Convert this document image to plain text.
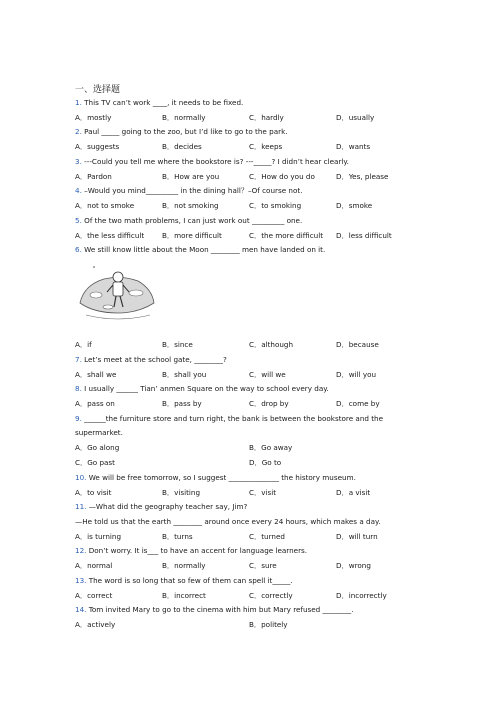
一、选择题
1. This TV can’t work ____, it needs to be fixed.
A．mostly	B．normally	C．hardly	D．usually
2. Paul _____ going to the zoo, but I’d like to go to the park.
A．suggests	B．decides	C．keeps	D．wants
3. ---Could you tell me where the bookstore is? ---_____? I didn’t hear clearly.
A．Pardon	B．How are you	C．How do you do	D．Yes, please
4. –Would you mind_________ in the dining hall？–Of course not.
A．not to smoke	B．not smoking	C．to smoking	D．smoke
5. Of the two math problems, I can just work out _________ one.
A．the less difficult B．more difficult	C．the more difficult D．less difficult
6. We still know little about the Moon ________ men have landed on it.
A．if	B．since	C．although	D．because
7. Let’s meet at the school gate, ________?
A．shall we	B．shall you	C．will we	D．will you
8. I usually ______ Tian’ anmen Square on the way to school every day.
A．pass on	B．pass by	C．drop by	D．come by
9. ______the furniture store and turn right, the bank is between the bookstore and the
supermarket.
A．Go along	B．Go away
C．Go past	D．Go to
10. We will be free tomorrow, so I suggest ______________ the history museum.
A．to visit	B．visiting	C．visit	D．a visit
11. —What did the geography teacher say, Jim?
—He told us that the earth ________ around once every 24 hours, which makes a day.
A．is turning	B．turns	C．turned	D．will turn
12. Don’t worry. It is___ to have an accent for language learners.
A．normal	B．normally	C．sure	D．wrong
13. The word is so long that so few of them can spell it_____.
A．correct	B．incorrect	C．correctly	D．incorrectly
14. Tom invited Mary to go to the cinema with him but Mary refused ________.
A．actively	B．politely
